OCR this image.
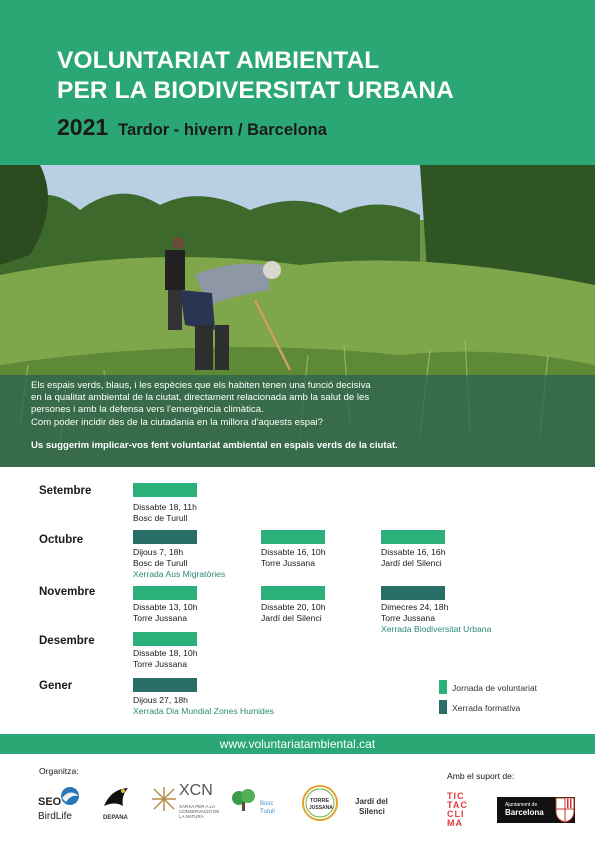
VOLUNTARIAT AMBIENTAL
PER LA BIODIVERSITAT URBANA
2021 Tardor - hivern / Barcelona

Els espais verds, blaus, i les espècies que els habiten tenen una funció decisiva

en la qualitat ambiental de la ciutat, directament relacionada amb la salut de les

persones i amb la defensa vers l'emergència climàtica.

Com poder incidir des de la ciutadania en la millora d'aquests espai?

Us suggerim implicar-vos fent voluntariat ambiental en espais verds de la ciutat.
Setembre
Octubre
Novembre
Desembre
Gener
Dissabte 18, 11h
Bosc de Turull
Dijous 7, 18h
Bosc de Turull
Xerrada Aus Migratòries
Dissabte 16, 10h
Torre Jussana
Dissabte 16, 16h
Jardí del Silenci
Dissabte 13, 10h
Torre Jussana
Dissabte 20, 10h
Jardí del Silenci
Dimecres 24, 18h
Torre Jussana
Xerrada Biodiversitat Urbana
Dissabte 18, 10h
Torre Jussana
Dijous 27, 18h
Xerrada Dia Mundial Zones Humides
Jornada de voluntariat
Xerrada formativa
www.voluntariatambiental.cat
Organitza:	Amb el suport de:
SEO
BirdLife	DEPANA
XCN
XARXA PER A LA CONSERVACIÓ DE LA NATURA
Bosc
Turull
TORRE
JUSSANA
Jardí del
Silenci
TIC
TAC
CLI
MA
Ajuntament de
Barcelona
